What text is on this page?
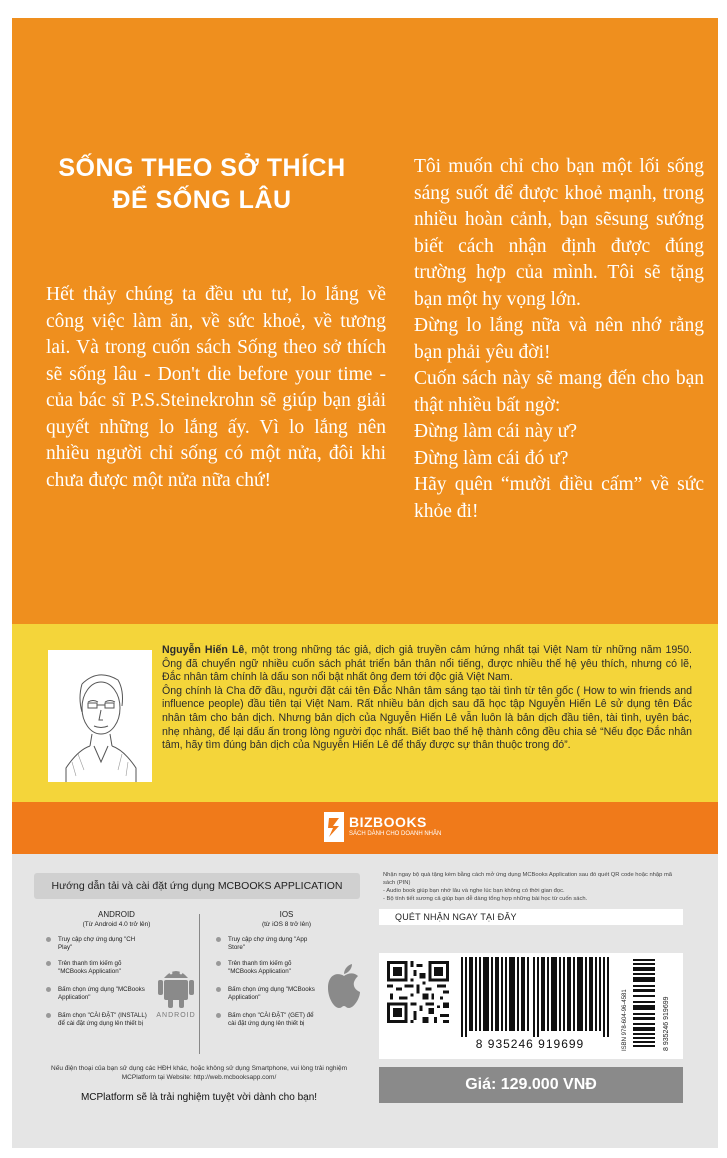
SỐNG THEO SỞ THÍCH
ĐỂ SỐNG LÂU

Hết thảy chúng ta đều ưu tư, lo lắng về công việc làm ăn, về sức khoẻ, về tương lai. Và trong cuốn sách Sống theo sở thích sẽ sống lâu - Don't die before your time - của bác sĩ P.S.Steinekrohn sẽ giúp bạn giải quyết những lo lắng ấy. Vì lo lắng nên nhiều người chỉ sống có một nửa, đôi khi chưa được một nửa nữa chứ!

Tôi muốn chỉ cho bạn một lối sống sáng suốt để được khoẻ mạnh, trong nhiều hoàn cảnh, bạn sẽsung sướng biết cách nhận định được đúng trường hợp của mình. Tôi sẽ tặng bạn một hy vọng lớn.
Đừng lo lắng nữa và nên nhớ rằng bạn phải yêu đời!
Cuốn sách này sẽ mang đến cho bạn thật nhiều bất ngờ:
Đừng làm cái này ư?
Đừng làm cái đó ư?
Hãy quên “mười điều cấm” về sức khỏe đi!

Nguyễn Hiến Lê, một trong những tác giả, dịch giả truyền cảm hứng nhất tại Việt Nam từ những năm 1950. Ông đã chuyển ngữ nhiều cuốn sách phát triển bản thân nổi tiếng, được nhiều thế hệ yêu thích, nhưng có lẽ, Đắc nhân tâm chính là dấu son nổi bật nhất ông đem tới độc giả Việt Nam.
Ông chính là Cha đỡ đầu, người đặt cái tên Đắc Nhân tâm sáng tạo tài tình từ tên gốc ( How to win friends and influence people) đầu tiên tại Việt Nam. Rất nhiều bản dịch sau đã học tập Nguyễn Hiến Lê sử dụng tên Đắc nhân tâm cho bản dịch. Nhưng bản dịch của Nguyễn Hiến Lê vẫn luôn là bản dịch đầu tiên, tài tình, uyên bác, nhẹ nhàng, để lại dấu ấn trong lòng người đọc nhất. Biết bao thế hệ thành công đều chia sẻ “Nếu đọc Đắc nhân tâm, hãy tìm đúng bản dịch của Nguyễn Hiến Lê để thấy được sự thân thuộc trong đó”.

BIZBOOKS
SÁCH DÀNH CHO DOANH NHÂN
Hướng dẫn tải và cài đặt ứng dụng MCBOOKS APPLICATION
ANDROID
(Từ Android 4.0 trở lên)
Truy cập chợ ứng dụng "CH Play"
Trên thanh tìm kiếm gõ "MCBooks Application"
Bấm chọn ứng dụng "MCBooks Application"
Bấm chọn "CÀI ĐẶT" (INSTALL) để cài đặt ứng dụng lên thiết bị
ANDROID
IOS
(từ iOS 8 trở lên)
Truy cập chợ ứng dụng "App Store"
Trên thanh tìm kiếm gõ "MCBooks Application"
Bấm chọn ứng dụng "MCBooks Application"
Bấm chọn "CÀI ĐẶT" (GET) để cài đặt ứng dụng lên thiết bị
Nếu điện thoại của bạn sử dụng các HĐH khác, hoặc không sử dụng Smartphone, vui lòng trải nghiệm MCPlatform tại Website: http://web.mcbooksapp.com/
MCPlatform sẽ là trải nghiệm tuyệt vời dành cho bạn!
Nhận ngay bộ quà tặng kèm bằng cách mở ứng dụng MCBooks Application sau đó quét QR code hoặc nhập mã sách (PIN)
- Audio book giúp bạn nhớ lâu và nghe lúc bạn không có thời gian đọc.
- Bộ tính tiết sương cả giúp bạn dễ dàng tổng hợp những bài học từ cuốn sách.
QUÉT NHẬN NGAY TẠI ĐÂY
8 935246 919699	ISBN 978-604-96-4581	8 935246 919699
Giá: 129.000 VNĐ
